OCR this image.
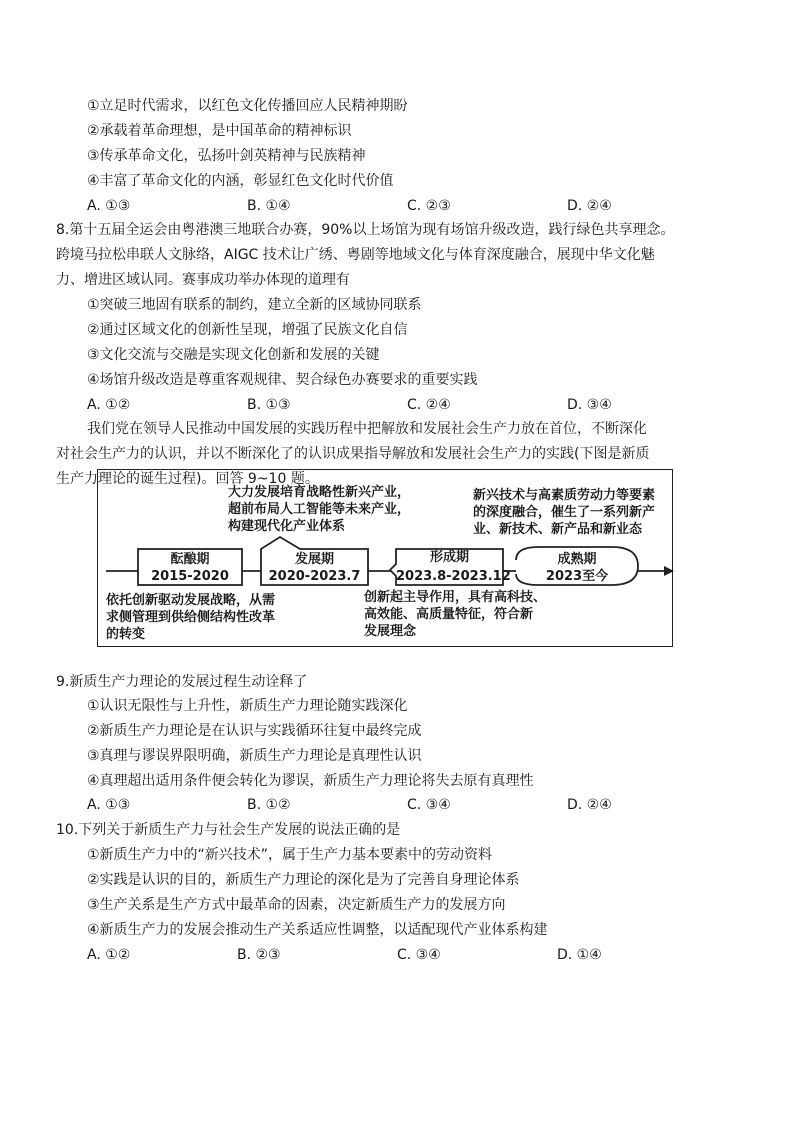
①立足时代需求，以红色文化传播回应人民精神期盼
②承载着革命理想，是中国革命的精神标识
③传承革命文化，弘扬叶剑英精神与民族精神
④丰富了革命文化的内涵，彰显红色文化时代价值
A. ①③	B. ①④	C. ②③	D. ②④
8.第十五届全运会由粤港澳三地联合办赛，90%以上场馆为现有场馆升级改造，践行绿色共享理念。
跨境马拉松串联人文脉络，AIGC 技术让广绣、粤剧等地域文化与体育深度融合，展现中华文化魅
力、增进区域认同。赛事成功举办体现的道理有
①突破三地固有联系的制约，建立全新的区域协同联系
②通过区域文化的创新性呈现，增强了民族文化自信
③文化交流与交融是实现文化创新和发展的关键
④场馆升级改造是尊重客观规律、契合绿色办赛要求的重要实践
A. ①②	B. ①③	C. ②④	D. ③④
我们党在领导人民推动中国发展的实践历程中把解放和发展社会生产力放在首位，不断深化
对社会生产力的认识，并以不断深化了的认识成果指导解放和发展社会生产力的实践(下图是新质
生产力理论的诞生过程)。回答 9~10 题。
大力发展培育战略性新兴产业，
超前布局人工智能等未来产业，
构建现代化产业体系
新兴技术与高素质劳动力等要素
的深度融合，催生了一系列新产
业、新技术、新产品和新业态
酝酿期
2015-2020
发展期
2020-2023.7
形成期
2023.8-2023.12
成熟期
2023至今
依托创新驱动发展战略，从需
求侧管理到供给侧结构性改革
的转变
创新起主导作用，具有高科技、
高效能、高质量特征，符合新
发展理念
9.新质生产力理论的发展过程生动诠释了
①认识无限性与上升性，新质生产力理论随实践深化
②新质生产力理论是在认识与实践循环往复中最终完成
③真理与谬误界限明确，新质生产力理论是真理性认识
④真理超出适用条件便会转化为谬误，新质生产力理论将失去原有真理性
A. ①③	B. ①②	C. ③④	D. ②④
10.下列关于新质生产力与社会生产发展的说法正确的是
①新质生产力中的“新兴技术”，属于生产力基本要素中的劳动资料
②实践是认识的目的，新质生产力理论的深化是为了完善自身理论体系
③生产关系是生产方式中最革命的因素，决定新质生产力的发展方向
④新质生产力的发展会推动生产关系适应性调整，以适配现代产业体系构建
A. ①②	B. ②③	C. ③④	D. ①④
